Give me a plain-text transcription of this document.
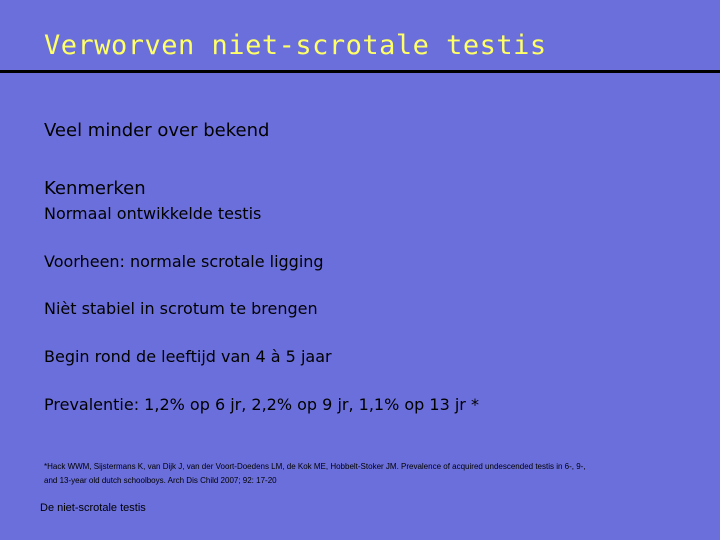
Verworven niet-scrotale testis
Veel minder over bekend
Kenmerken
Normaal ontwikkelde testis
Voorheen: normale scrotale ligging
Nièt stabiel in scrotum te brengen
Begin rond de leeftijd van 4 à 5 jaar
Prevalentie: 1,2% op 6 jr, 2,2% op 9 jr, 1,1% op 13 jr *
*Hack WWM, Sijstermans K, van Dijk J, van der Voort-Doedens LM, de Kok ME, Hobbelt-Stoker JM. Prevalence of acquired undescended testis in 6-, 9-,
and 13-year old dutch schoolboys. Arch Dis Child 2007; 92: 17-20
De niet-scrotale testis
